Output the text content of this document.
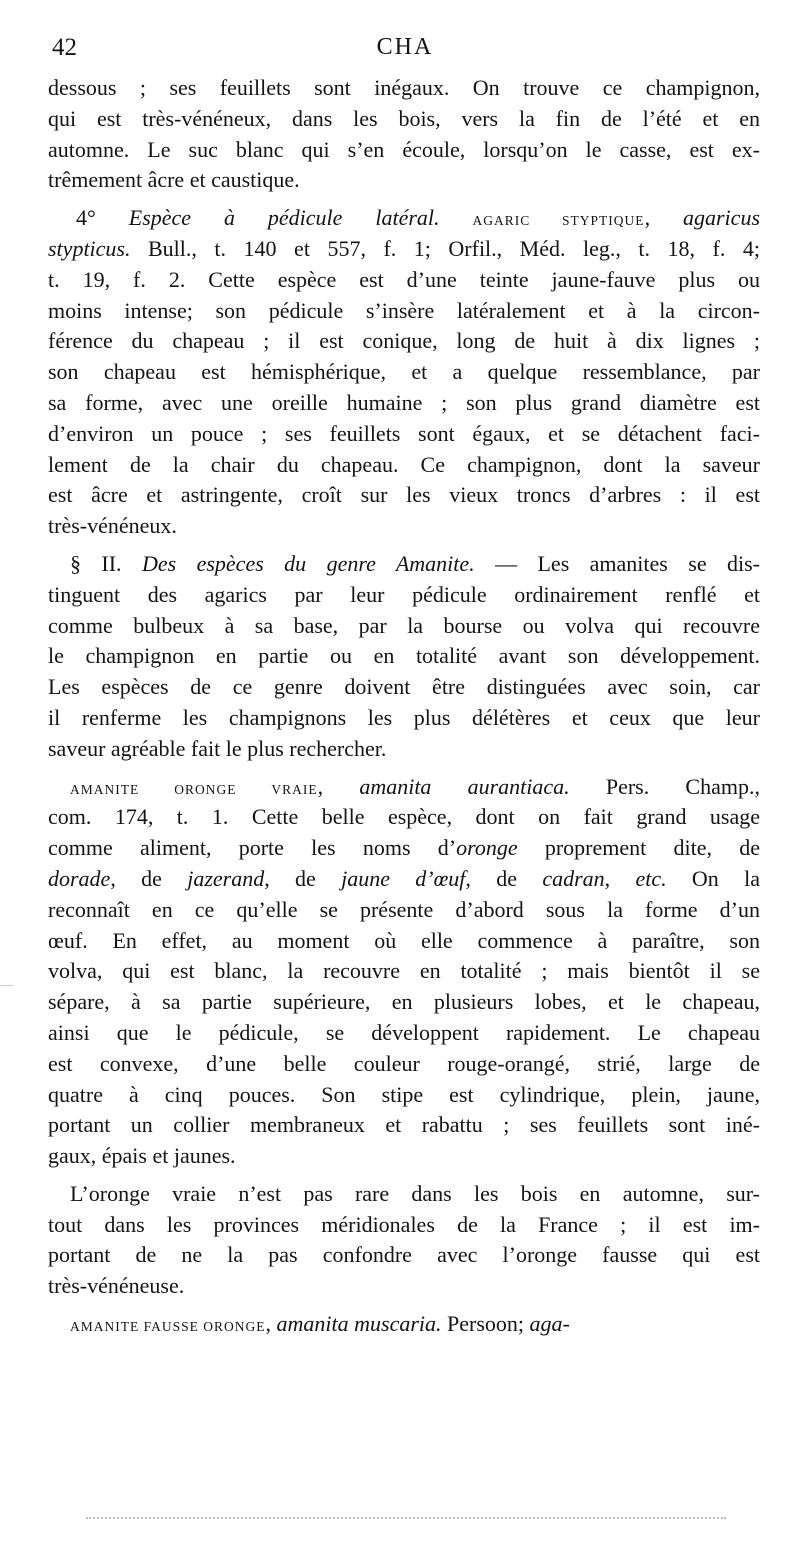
42	CHA
dessous ; ses feuillets sont inégaux. On trouve ce champignon,
qui est très-vénéneux, dans les bois, vers la fin de l’été et en
automne. Le suc blanc qui s’en écoule, lorsqu’on le casse, est ex-
trêmement âcre et caustique.
4° Espèce à pédicule latéral. AGARIC STYPTIQUE, agaricus
stypticus. Bull., t. 140 et 557, f. 1; Orfil., Méd. leg., t. 18, f. 4;
t. 19, f. 2. Cette espèce est d’une teinte jaune-fauve plus ou
moins intense; son pédicule s’insère latéralement et à la circon-
férence du chapeau ; il est conique, long de huit à dix lignes ;
son chapeau est hémisphérique, et a quelque ressemblance, par
sa forme, avec une oreille humaine ; son plus grand diamètre est
d’environ un pouce ; ses feuillets sont égaux, et se détachent faci-
lement de la chair du chapeau. Ce champignon, dont la saveur
est âcre et astringente, croît sur les vieux troncs d’arbres : il est
très-vénéneux.
§ II. Des espèces du genre Amanite. — Les amanites se dis-
tinguent des agarics par leur pédicule ordinairement renflé et
comme bulbeux à sa base, par la bourse ou volva qui recouvre
le champignon en partie ou en totalité avant son développement.
Les espèces de ce genre doivent être distinguées avec soin, car
il renferme les champignons les plus délétères et ceux que leur
saveur agréable fait le plus rechercher.
AMANITE ORONGE VRAIE, amanita aurantiaca. Pers. Champ.,
com. 174, t. 1. Cette belle espèce, dont on fait grand usage
comme aliment, porte les noms d’oronge proprement dite, de
dorade, de jazerand, de jaune d’œuf, de cadran, etc. On la
reconnaît en ce qu’elle se présente d’abord sous la forme d’un
œuf. En effet, au moment où elle commence à paraître, son
volva, qui est blanc, la recouvre en totalité ; mais bientôt il se
sépare, à sa partie supérieure, en plusieurs lobes, et le chapeau,
ainsi que le pédicule, se développent rapidement. Le chapeau
est convexe, d’une belle couleur rouge-orangé, strié, large de
quatre à cinq pouces. Son stipe est cylindrique, plein, jaune,
portant un collier membraneux et rabattu ; ses feuillets sont iné-
gaux, épais et jaunes.
L’oronge vraie n’est pas rare dans les bois en automne, sur-
tout dans les provinces méridionales de la France ; il est im-
portant de ne la pas confondre avec l’oronge fausse qui est
très-vénéneuse.
AMANITE FAUSSE ORONGE, amanita muscaria. Persoon; aga-
